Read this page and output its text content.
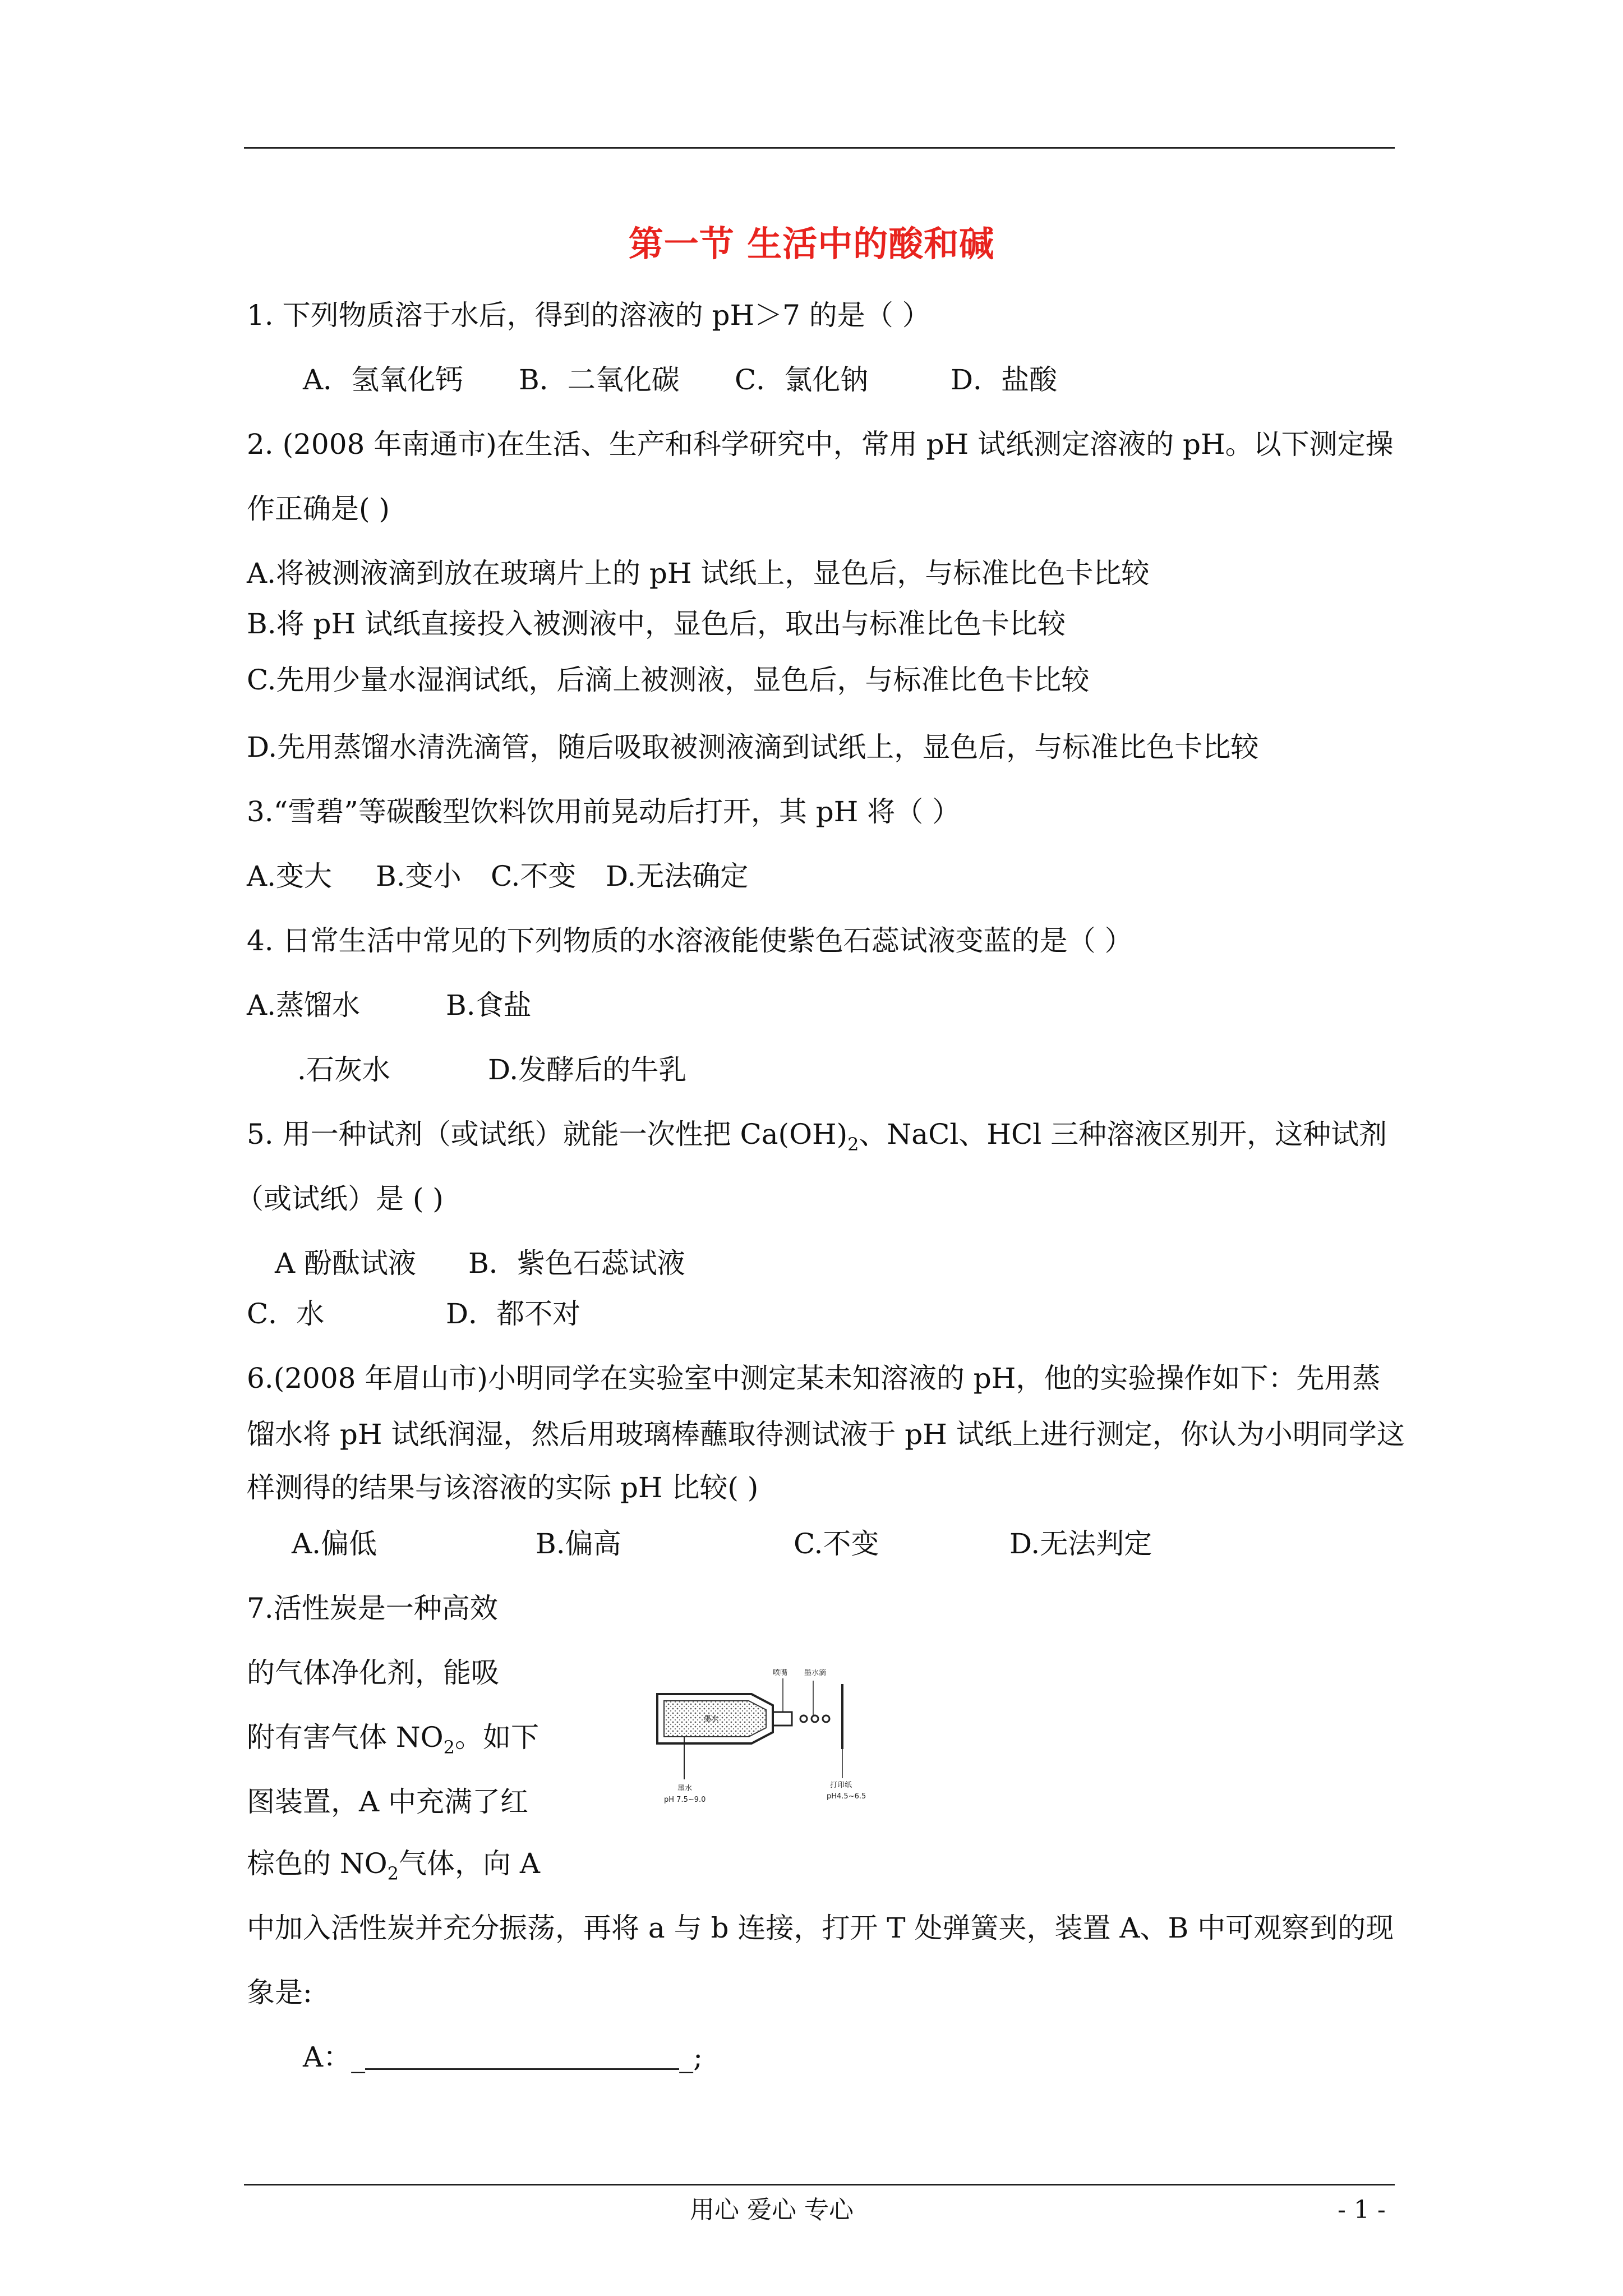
第一节 生活中的酸和碱
1. 下列物质溶于水后，得到的溶液的 pH＞7 的是（ ）
A．氢氧化钙 B．二氧化碳 C．氯化钠	D．盐酸
2. (2008 年南通市)在生活、生产和科学研究中，常用 pH 试纸测定溶液的 pH。以下测定操
作正确是( )
A.将被测液滴到放在玻璃片上的 pH 试纸上，显色后，与标准比色卡比较
B.将 pH 试纸直接投入被测液中，显色后，取出与标准比色卡比较
C.先用少量水湿润试纸，后滴上被测液，显色后，与标准比色卡比较
D.先用蒸馏水清洗滴管，随后吸取被测液滴到试纸上，显色后，与标准比色卡比较
3.“雪碧”等碳酸型饮料饮用前晃动后打开，其 pH 将（ ）
A.变大 B.变小 C.不变 D.无法确定
4. 日常生活中常见的下列物质的水溶液能使紫色石蕊试液变蓝的是（ ）
A.蒸馏水	B.食盐
.石灰水	D.发酵后的牛乳
5. 用一种试剂（或试纸）就能一次性把 $Ca(OH)_2$、NaCl、HCl 三种溶液区别开，这种试剂
（或试纸）是 ( )
A 酚酞试液 B．紫色石蕊试液
C．水	D．都不对
6.(2008 年眉山市)小明同学在实验室中测定某未知溶液的 pH，他的实验操作如下：先用蒸
馏水将 pH 试纸润湿，然后用玻璃棒蘸取待测试液于 pH 试纸上进行测定，你认为小明同学这
样测得的结果与该溶液的实际 pH 比较( )
A.偏低	B.偏高	C.不变	D.无法判定
7.活性炭是一种高效
的气体净化剂，能吸
附有害气体 $NO_2$。如下
图装置，A 中充满了红
棕色的 $NO_2$气体，向 A
中加入活性炭并充分振荡，再将 a 与 b 连接，打开 T 处弹簧夹，装置 A、B 中可观察到的现
象是:
A：_	_;
墨水
喷嘴 墨水滴
墨水
pH 7.5~9.0
打印纸
pH4.5~6.5
用心 爱心 专心	- 1 -
